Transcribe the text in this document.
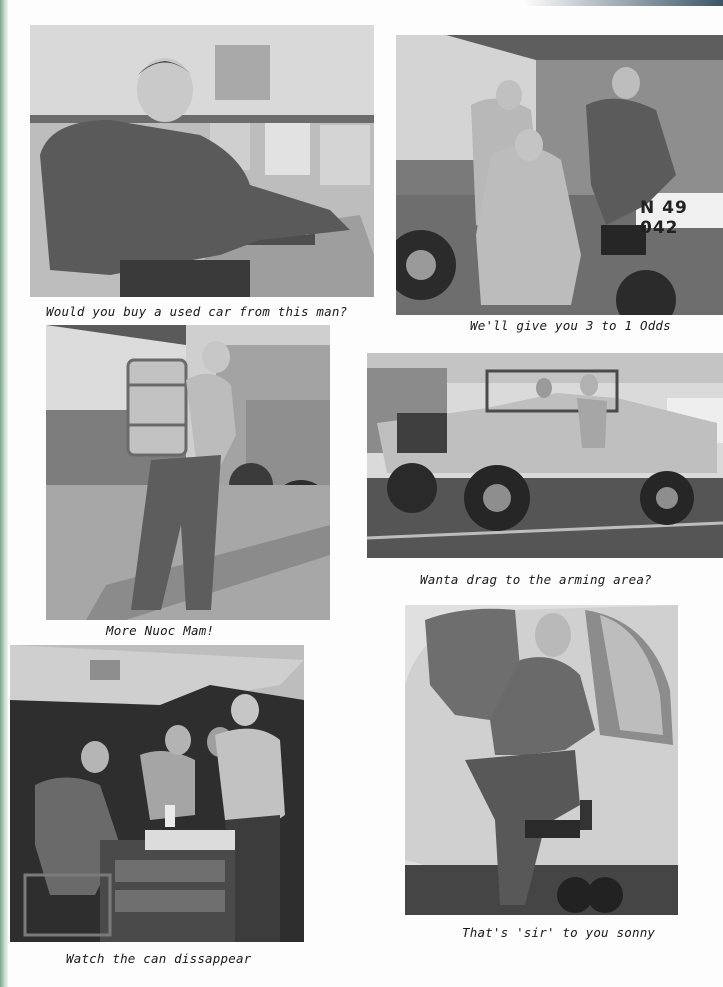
Would you buy a used car from this man?
N 49 042
We'll give you 3 to 1 Odds
More Nuoc Mam!
Wanta drag to the arming area?
Watch the can dissappear
That's 'sir' to you sonny
